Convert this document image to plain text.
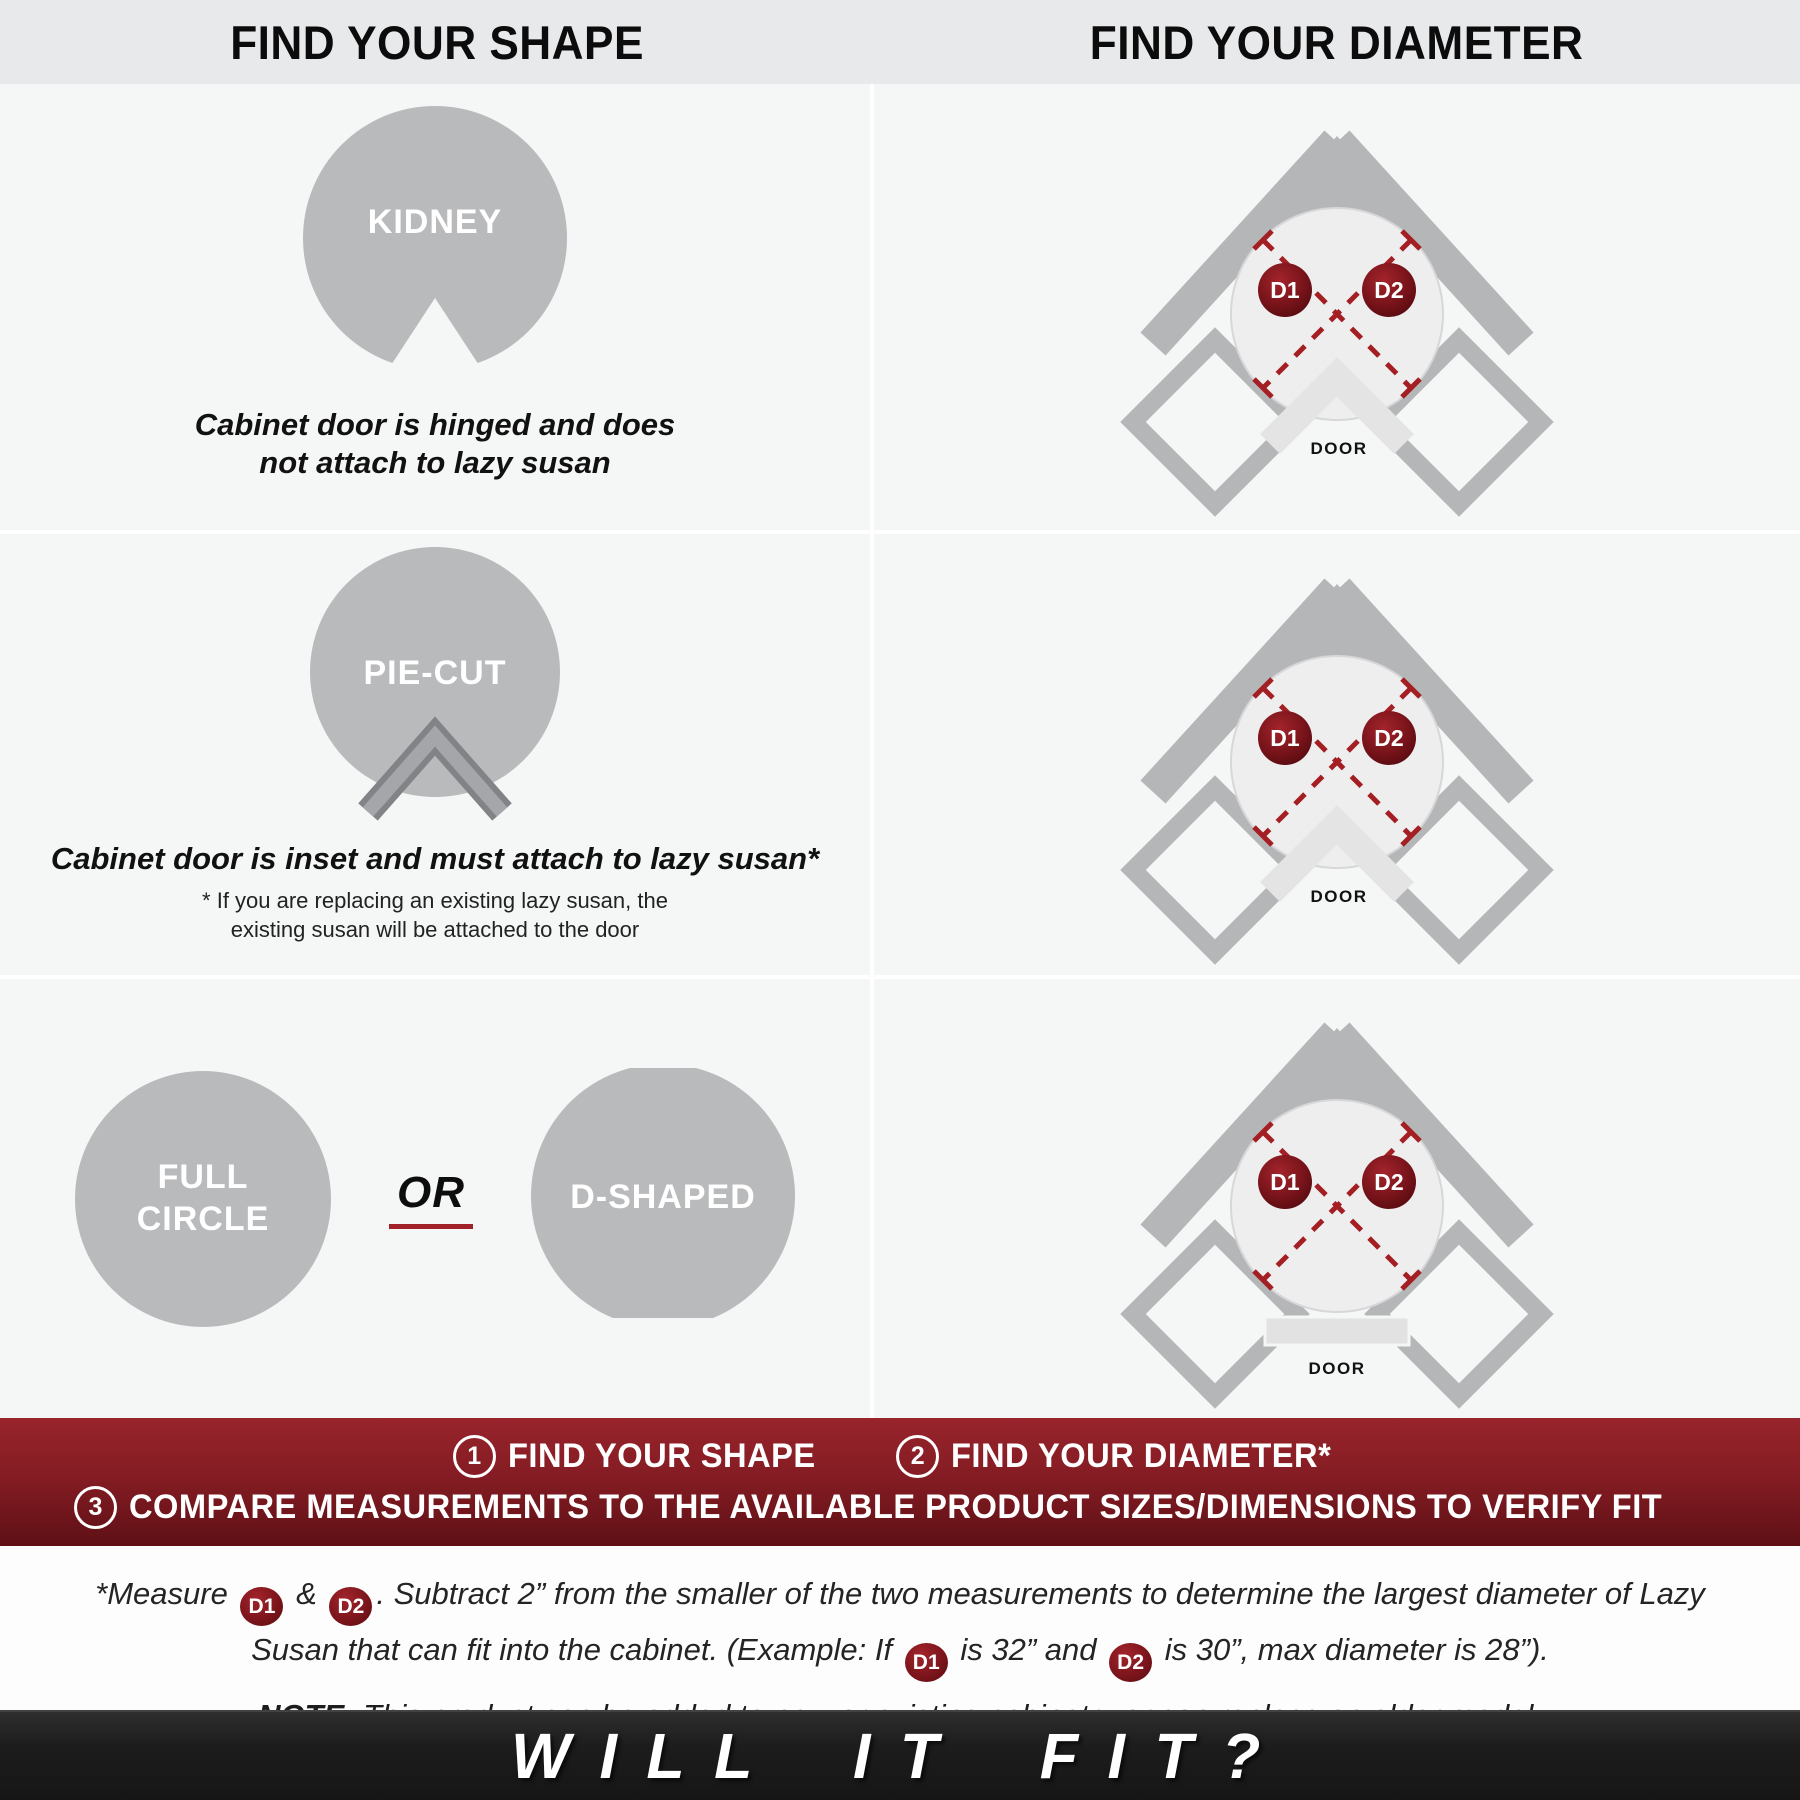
FIND YOUR SHAPE	FIND YOUR DIAMETER
KIDNEY
Cabinet door is hinged and does
not attach to lazy susan
D1	D2
DOOR
PIE-CUT
Cabinet door is inset and must attach to lazy susan*
* If you are replacing an existing lazy susan, the
existing susan will be attached to the door
D1	D2
DOOR
FULL
CIRCLE
OR	D-SHAPED	D1	D2
DOOR
1 FIND YOUR SHAPE	2 FIND YOUR DIAMETER*
3 COMPARE MEASUREMENTS TO THE AVAILABLE PRODUCT SIZES/DIMENSIONS TO VERIFY FIT
*Measure D1 & D2 . Subtract 2” from the smaller of the two measurements to determine the largest diameter of Lazy Susan that can fit into the cabinet. (Example: If D1 is 32” and D2 is 30”, max diameter is 28”).
WILL IT FIT?
